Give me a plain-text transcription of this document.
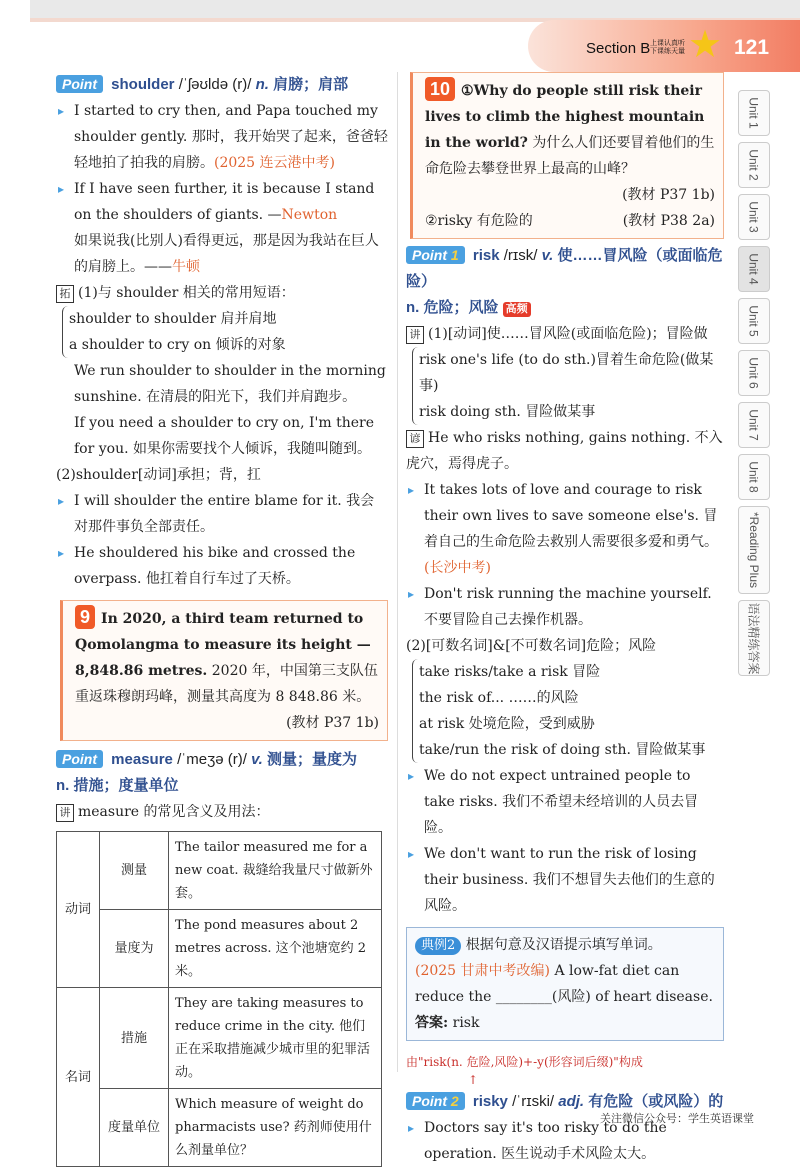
Section B 上课认真听 下课练天量 ★ 121

Point shoulder /ˈʃəʊldə (r)/ n. 肩膀；肩部

▸ I started to cry then, and Papa touched my shoulder gently. 那时，我开始哭了起来，爸爸轻轻地拍了拍我的肩膀。(2025 连云港中考)

▸ If I have seen further, it is because I stand on the shoulders of giants. —Newton
如果说我(比别人)看得更远，那是因为我站在巨人的肩膀上。——牛顿

拓 (1)与 shoulder 相关的常用短语：

shoulder to shoulder 肩并肩地

a shoulder to cry on 倾诉的对象

We run shoulder to shoulder in the morning sunshine. 在清晨的阳光下，我们并肩跑步。

If you need a shoulder to cry on, I'm there for you. 如果你需要找个人倾诉，我随叫随到。

(2)shoulder[动词]承担；背，扛

▸ I will shoulder the entire blame for it. 我会对那件事负全部责任。

▸ He shouldered his bike and crossed the overpass. 他扛着自行车过了天桥。

9 In 2020, a third team returned to Qomolangma to measure its height — 8,848.86 metres. 2020 年，中国第三支队伍重返珠穆朗玛峰，测量其高度为 8 848.86 米。
(教材 P37 1b)

Point measure /ˈmeʒə (r)/ v. 测量；量度为

n. 措施；度量单位

讲 measure 的常见含义及用法：

动词	测量	The tailor measured me for a new coat. 裁缝给我量尺寸做新外套。
	量度为	The pond measures about 2 metres across. 这个池塘宽约 2 米。
名词	措施	They are taking measures to reduce crime in the city. 他们正在采取措施减少城市里的犯罪活动。
	度量单位	Which measure of weight do pharmacists use? 药剂师使用什么剂量单位？
10 ①Why do people still risk their lives to climb the highest mountain in the world? 为什么人们还要冒着他们的生命危险去攀登世界上最高的山峰？
(教材 P37 1b)
②risky 有危险的	(教材 P38 2a)

Point 1 risk /rɪsk/ v. 使……冒风险（或面临危险）

n. 危险；风险 高频

讲 (1)[动词]使……冒风险(或面临危险)；冒险做

risk one's life (to do sth.)冒着生命危险(做某事)

risk doing sth. 冒险做某事

谚 He who risks nothing, gains nothing. 不入虎穴，焉得虎子。

▸ It takes lots of love and courage to risk their own lives to save someone else's. 冒着自己的生命危险去救别人需要很多爱和勇气。(长沙中考)

▸ Don't risk running the machine yourself. 不要冒险自己去操作机器。

(2)[可数名词]&[不可数名词]危险；风险

take risks/take a risk 冒险

the risk of... ……的风险

at risk 处境危险，受到威胁

take/run the risk of doing sth. 冒险做某事

▸ We do not expect untrained people to take risks. 我们不希望未经培训的人员去冒险。

▸ We don't want to run the risk of losing their business. 我们不想冒失去他们的生意的风险。

典例2 根据句意及汉语提示填写单词。

(2025 甘肃中考改编) A low-fat diet can reduce the ________(风险) of heart disease.

答案: risk

由"risk(n. 危险,风险)+-y(形容词后缀)"构成

↑

Point 2 risky /ˈrɪski/ adj. 有危险（或风险）的

▸ Doctors say it's too risky to do the operation. 医生说动手术风险太大。

Unit 1
Unit 2
Unit 3
Unit 4
Unit 5
Unit 6
Unit 7
Unit 8
*Reading Plus
语法精练答案
关注微信公众号：学生英语课堂
